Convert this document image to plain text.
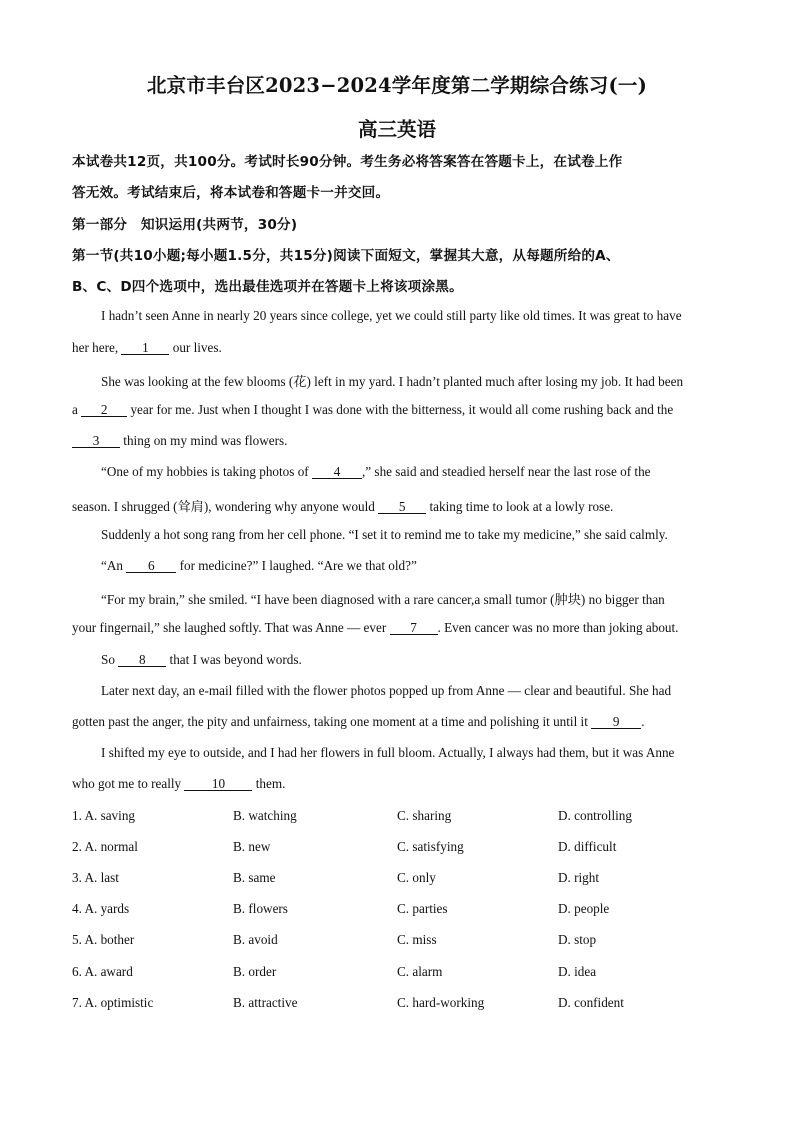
北京市丰台区2023−2024学年度第二学期综合练习(一)
高三英语
本试卷共12页，共100分。考试时长90分钟。考生务必将答案答在答题卡上，在试卷上作
答无效。考试结束后，将本试卷和答题卡一并交回。
第一部分　知识运用(共两节，30分)
第一节(共10小题;每小题1.5分，共15分)阅读下面短文，掌握其大意，从每题所给的A、
B、C、D四个选项中，选出最佳选项并在答题卡上将该项涂黑。
I hadn’t seen Anne in nearly 20 years since college, yet we could still party like old times. It was great to have
her here, 1 our lives.
She was looking at the few blooms (花) left in my yard. I hadn’t planted much after losing my job. It had been
a 2 year for me. Just when I thought I was done with the bitterness, it would all come rushing back and the
3 thing on my mind was flowers.
“One of my hobbies is taking photos of 4 ,” she said and steadied herself near the last rose of the
season. I shrugged (耸肩), wondering why anyone would 5 taking time to look at a lowly rose.
Suddenly a hot song rang from her cell phone. “I set it to remind me to take my medicine,” she said calmly.
“An 6 for medicine?” I laughed. “Are we that old?”
“For my brain,” she smiled. “I have been diagnosed with a rare cancer,a small tumor (肿块) no bigger than
your fingernail,” she laughed softly. That was Anne — ever 7 . Even cancer was no more than joking about.
So 8 that I was beyond words.
Later next day, an e-mail filled with the flower photos popped up from Anne — clear and beautiful. She had
gotten past the anger, the pity and unfairness, taking one moment at a time and polishing it until it 9 .
I shifted my eye to outside, and I had her flowers in full bloom. Actually, I always had them, but it was Anne
who got me to really 10 them.
1. A. saving	B. watching	C. sharing	D. controlling
2. A. normal	B. new	C. satisfying	D. difficult
3. A. last	B. same	C. only	D. right
4. A. yards	B. flowers	C. parties	D. people
5. A. bother	B. avoid	C. miss	D. stop
6. A. award	B. order	C. alarm	D. idea
7. A. optimistic	B. attractive	C. hard-working	D. confident
